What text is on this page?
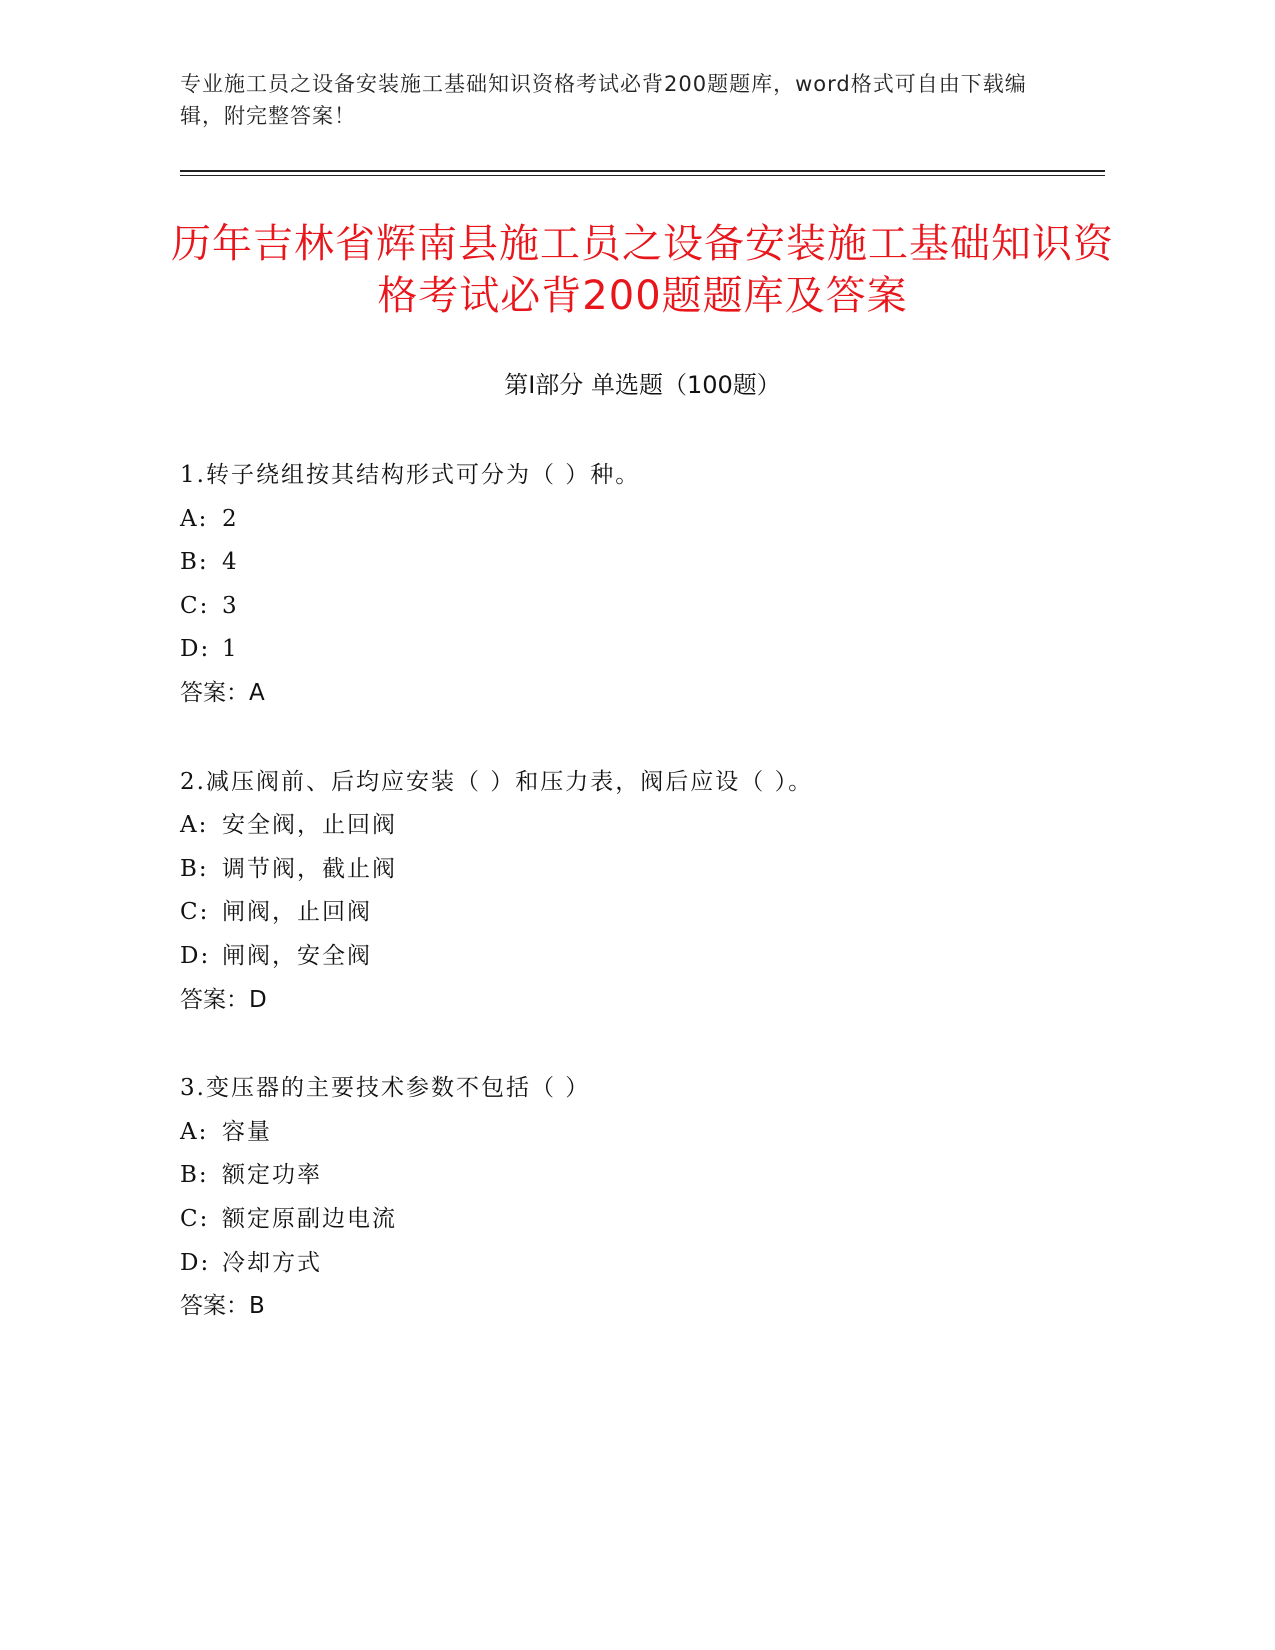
专业施工员之设备安装施工基础知识资格考试必背200题题库，word格式可自由下载编辑，附完整答案！
历年吉林省辉南县施工员之设备安装施工基础知识资格考试必背200题题库及答案
第I部分 单选题（100题）
1.转子绕组按其结构形式可分为（ ）种。
A: 2
B: 4
C: 3
D: 1
答案：A
2.减压阀前、后均应安装（ ）和压力表，阀后应设（ ）。
A: 安全阀，止回阀
B: 调节阀，截止阀
C: 闸阀，止回阀
D: 闸阀，安全阀
答案：D
3.变压器的主要技术参数不包括（ ）
A: 容量
B: 额定功率
C: 额定原副边电流
D: 冷却方式
答案：B
